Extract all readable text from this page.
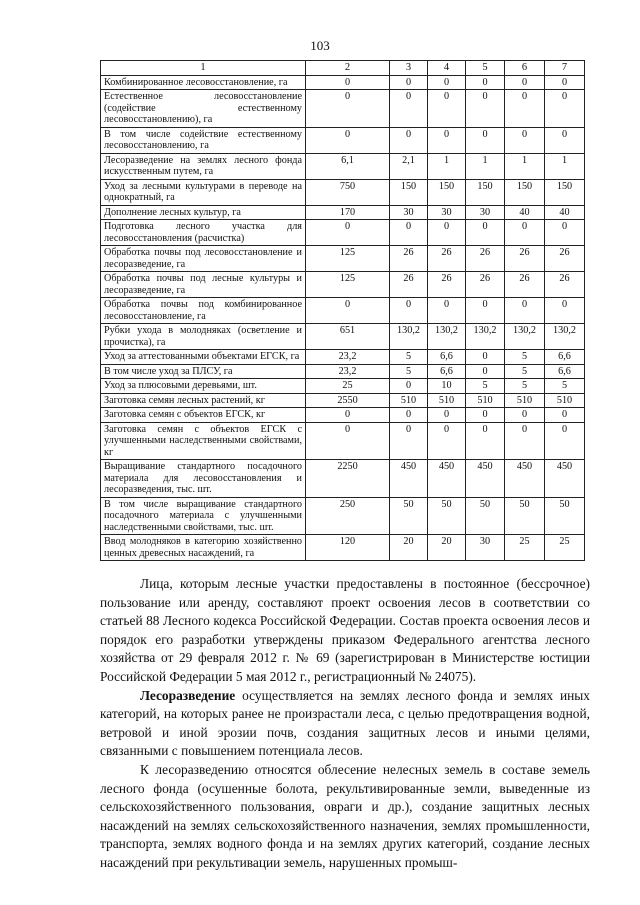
103
1	2	3	4	5	6	7
Комбинированное лесовосстановление, га	0	0	0	0	0	0
Естественное лесовосстановление (содействие естественному лесовосстановлению), га	0	0	0	0	0	0
В том числе содействие естественному лесовосстановлению, га	0	0	0	0	0	0
Лесоразведение на землях лесного фонда искусственным путем, га	6,1	2,1	1	1	1	1
Уход за лесными культурами в переводе на однократный, га	750	150	150	150	150	150
Дополнение лесных культур, га	170	30	30	30	40	40
Подготовка лесного участка для лесовосстановления (расчистка)	0	0	0	0	0	0
Обработка почвы под лесовосстановление и лесоразведение, га	125	26	26	26	26	26
Обработка почвы под лесные культуры и лесоразведение, га	125	26	26	26	26	26
Обработка почвы под комбинированное лесовосстановление, га	0	0	0	0	0	0
Рубки ухода в молодняках (осветление и прочистка), га	651	130,2	130,2	130,2	130,2	130,2
Уход за аттестованными объектами ЕГСК, га	23,2	5	6,6	0	5	6,6
В том числе уход за ПЛСУ, га	23,2	5	6,6	0	5	6,6
Уход за плюсовыми деревьями, шт.	25	0	10	5	5	5
Заготовка семян лесных растений, кг	2550	510	510	510	510	510
Заготовка семян с объектов ЕГСК, кг	0	0	0	0	0	0
Заготовка семян с объектов ЕГСК с улучшенными наследственными свойствами, кг	0	0	0	0	0	0
Выращивание стандартного посадочного материала для лесовосстановления и лесоразведения, тыс. шт.	2250	450	450	450	450	450
В том числе выращивание стандартного посадочного материала с улучшенными наследственными свойствами, тыс. шт.	250	50	50	50	50	50
Ввод молодняков в категорию хозяйственно ценных древесных насаждений, га	120	20	20	30	25	25

Лица, которым лесные участки предоставлены в постоянное (бессрочное) пользование или аренду, составляют проект освоения лесов в соответствии со статьей 88 Лесного кодекса Российской Федерации. Состав проекта освоения лесов и порядок его разработки утверждены приказом Федерального агентства лесного хозяйства от 29 февраля 2012 г. № 69 (зарегистрирован в Министерстве юстиции Российской Федерации 5 мая 2012 г., регистрационный № 24075).

Лесоразведение осуществляется на землях лесного фонда и землях иных категорий, на которых ранее не произрастали леса, с целью предотвращения водной, ветровой и иной эрозии почв, создания защитных лесов и иными целями, связанными с повышением потенциала лесов.

К лесоразведению относятся облесение нелесных земель в составе земель лесного фонда (осушенные болота, рекультивированные земли, выведенные из сельскохозяйственного пользования, овраги и др.), создание защитных лесных насаждений на землях сельскохозяйственного назначения, землях промышленности, транспорта, землях водного фонда и на землях других категорий, создание лесных насаждений при рекультивации земель, нарушенных промыш-
